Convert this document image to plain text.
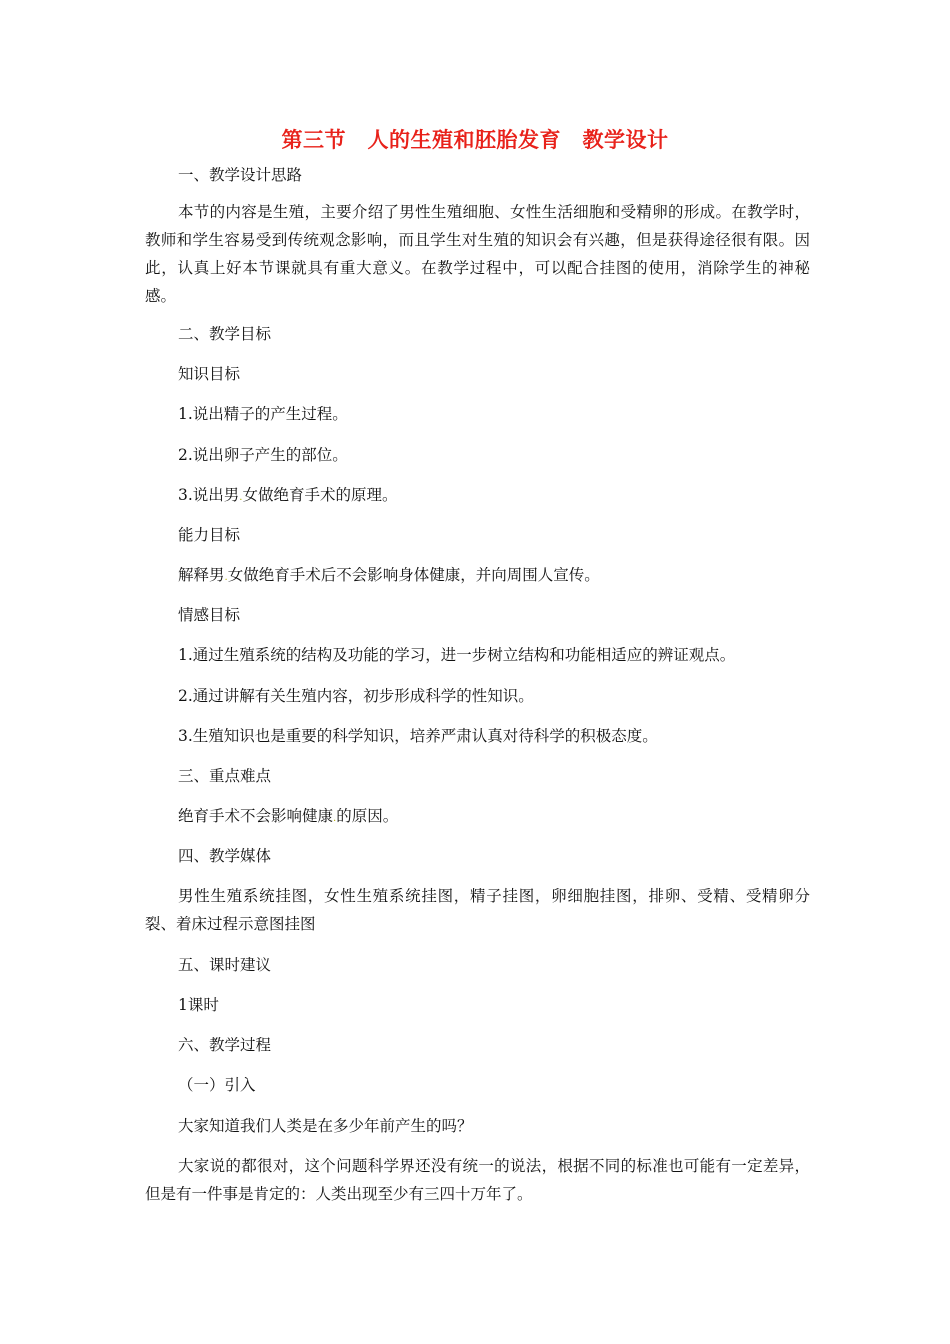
第三节　人的生殖和胚胎发育　教学设计
一、教学设计思路
本节的内容是生殖，主要介绍了男性生殖细胞、女性生活细胞和受精卵的形成。在教学时，教师和学生容易受到传统观念影响，而且学生对生殖的知识会有兴趣，但是获得途径很有限。因此，认真上好本节课就具有重大意义。在教学过程中，可以配合挂图的使用，消除学生的神秘感。
二、教学目标
知识目标
1.说出精子的产生过程。
2.说出卵子产生的部位。
3.说出男.女做绝育手术的原理。
能力目标
解释男.女做绝育手术后不会影响身体健康，并向周围人宣传。
情感目标
1.通过生殖系统的结构及功能的学习，进一步树立结构和功能相适应的辨证观点。
2.通过讲解有关生殖内容，初步形成科学的性知识。
3.生殖知识也是重要的科学知识，培养严肃认真对待科学的积极态度。
三、重点难点
绝育手术不会影响健康.的原因。
四、教学媒体
男性生殖系统挂图，女性生殖系统挂图，精子挂图，卵细胞挂图，排卵、受精、受精卵分裂、着床过程示意图挂图
五、课时建议
1课时
六、教学过程
（一）引入
大家知道我们人类是在多少年前产生的吗？
大家说的都很对，这个问题科学界还没有统一的说法，根据不同的标准也可能有一定差异，但是有一件事是肯定的：人类出现至少有三四十万年了。
